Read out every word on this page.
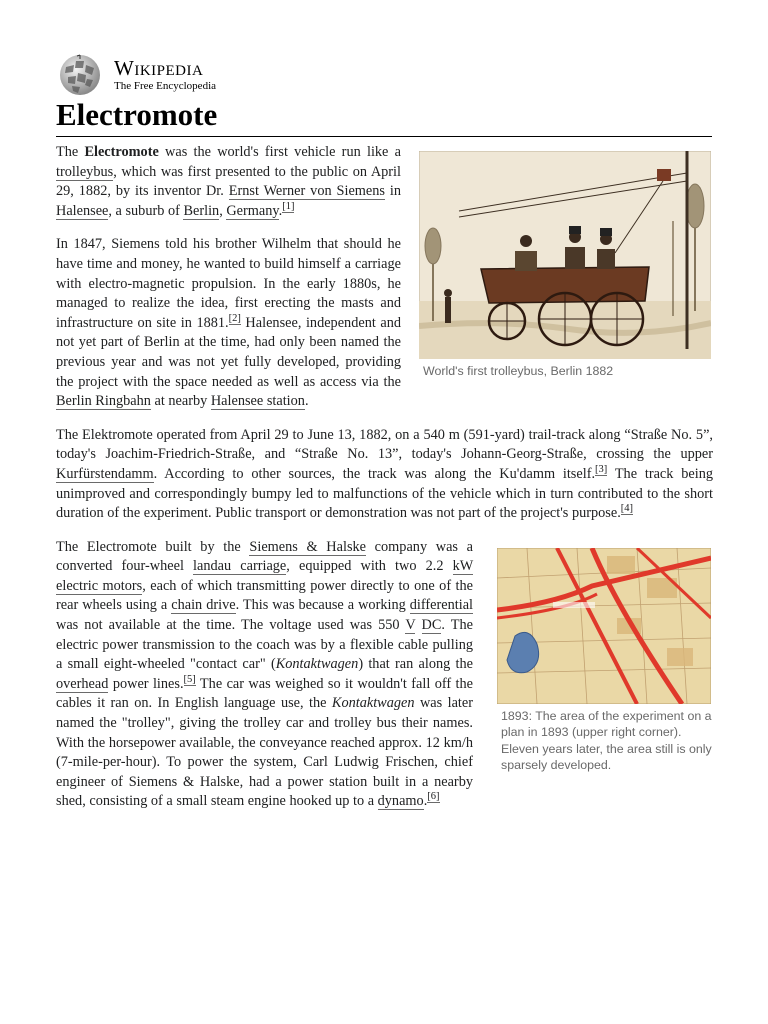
Wikipedia
The Free Encyclopedia
Electromote
World's first trolleybus, Berlin 1882

The Electromote was the world's first vehicle run like a trolleybus, which was first presented to the public on April 29, 1882, by its inventor Dr. Ernst Werner von Siemens in Halensee, a suburb of Berlin, Germany.[1]

In 1847, Siemens told his brother Wilhelm that should he have time and money, he wanted to build himself a carriage with electro-magnetic propulsion. In the early 1880s, he managed to realize the idea, first erecting the masts and infrastructure on site in 1881.[2] Halensee, independent and not yet part of Berlin at the time, had only been named the previous year and was not yet fully developed, providing the project with the space needed as well as access via the Berlin Ringbahn at nearby Halensee station.

The Elektromote operated from April 29 to June 13, 1882, on a 540 m (591-yard) trail-track along “Straße No. 5”, today's Joachim-Friedrich-Straße, and “Straße No. 13”, today's Johann-Georg-Straße, crossing the upper Kurfürstendamm. According to other sources, the track was along the Ku'damm itself.[3] The track being unimproved and correspondingly bumpy led to malfunctions of the vehicle which in turn contributed to the short duration of the experiment. Public transport or demonstration was not part of the project's purpose.[4]

1893: The area of the experiment on a plan in 1893 (upper right corner). Eleven years later, the area still is only sparsely developed.

The Electromote built by the Siemens & Halske company was a converted four-wheel landau carriage, equipped with two 2.2 kW electric motors, each of which transmitting power directly to one of the rear wheels using a chain drive. This was because a working differential was not available at the time. The voltage used was 550 V DC. The electric power transmission to the coach was by a flexible cable pulling a small eight-wheeled "contact car" (Kontaktwagen) that ran along the overhead power lines.[5] The car was weighed so it wouldn't fall off the cables it ran on. In English language use, the Kontaktwagen was later named the "trolley", giving the trolley car and trolley bus their names. With the horsepower available, the conveyance reached approx. 12 km/h (7-mile-per-hour). To power the system, Carl Ludwig Frischen, chief engineer of Siemens & Halske, had a power station built in a nearby shed, consisting of a small steam engine hooked up to a dynamo.[6]
